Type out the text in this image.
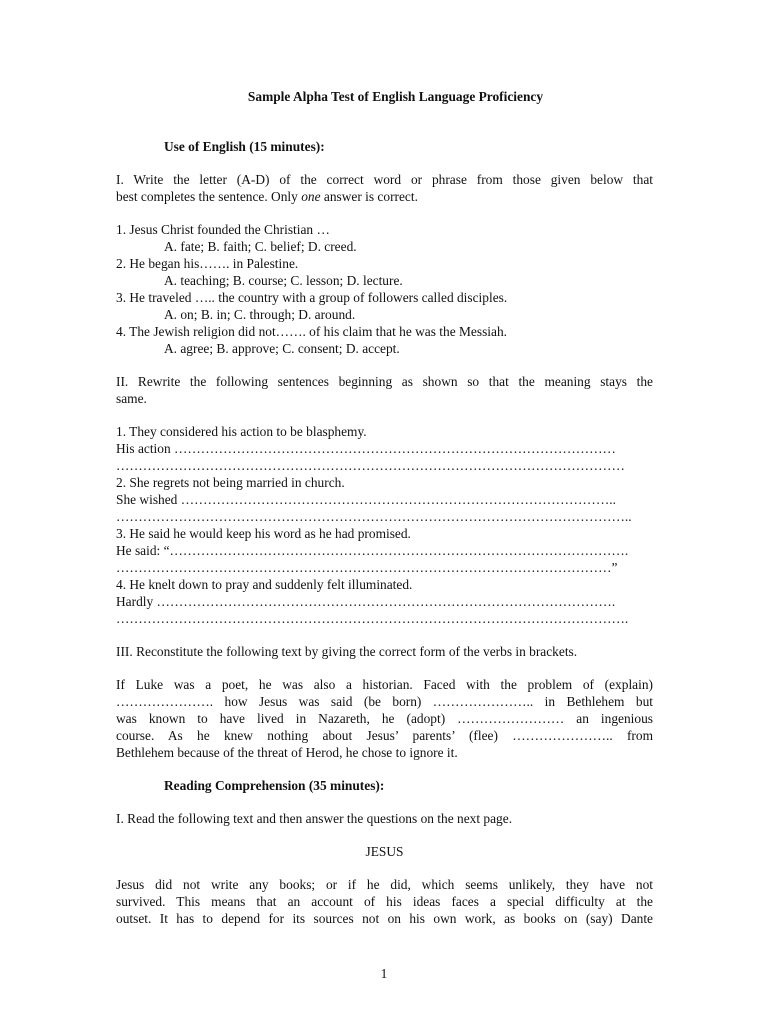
Sample Alpha Test of English Language Proficiency

Use of English (15 minutes):

I. Write the letter (A-D) of the correct word or phrase from those given below that

best completes the sentence. Only one answer is correct.

1. Jesus Christ founded the Christian …

A. fate; B. faith; C. belief; D. creed.

2. He began his……. in Palestine.

A. teaching; B. course; C. lesson; D. lecture.

3. He traveled ….. the country with a group of followers called disciples.

A. on; B. in; C. through; D. around.

4. The Jewish religion did not……. of his claim that he was the Messiah.

A. agree; B. approve; C. consent; D. accept.

II. Rewrite the following sentences beginning as shown so that the meaning stays the

same.

1. They considered his action to be blasphemy.

His action ………………………………………………………………………………………

……………………………………………………………………………………………………

2. She regrets not being married in church.

She wished ……………………………………………………………………………………..

……………………………………………………………………………………………………..

3. He said he would keep his word as he had promised.

He said: “………………………………………………………………………………………….

…………………………………………………………………………………………………”

4. He knelt down to pray and suddenly felt illuminated.

Hardly ………………………………………………………………………………………….

…………………………………………………………………………………………………….

III. Reconstitute the following text by giving the correct form of the verbs in brackets.

If Luke was a poet, he was also a historian. Faced with the problem of (explain)

…………………. how Jesus was said (be born) ………………….. in Bethlehem but

was known to have lived in Nazareth, he (adopt) …………………… an ingenious

course. As he knew nothing about Jesus’ parents’ (flee) ………………….. from

Bethlehem because of the threat of Herod, he chose to ignore it.

Reading Comprehension (35 minutes):

I. Read the following text and then answer the questions on the next page.

JESUS

Jesus did not write any books; or if he did, which seems unlikely, they have not

survived. This means that an account of his ideas faces a special difficulty at the

outset. It has to depend for its sources not on his own work, as books on (say) Dante

1
